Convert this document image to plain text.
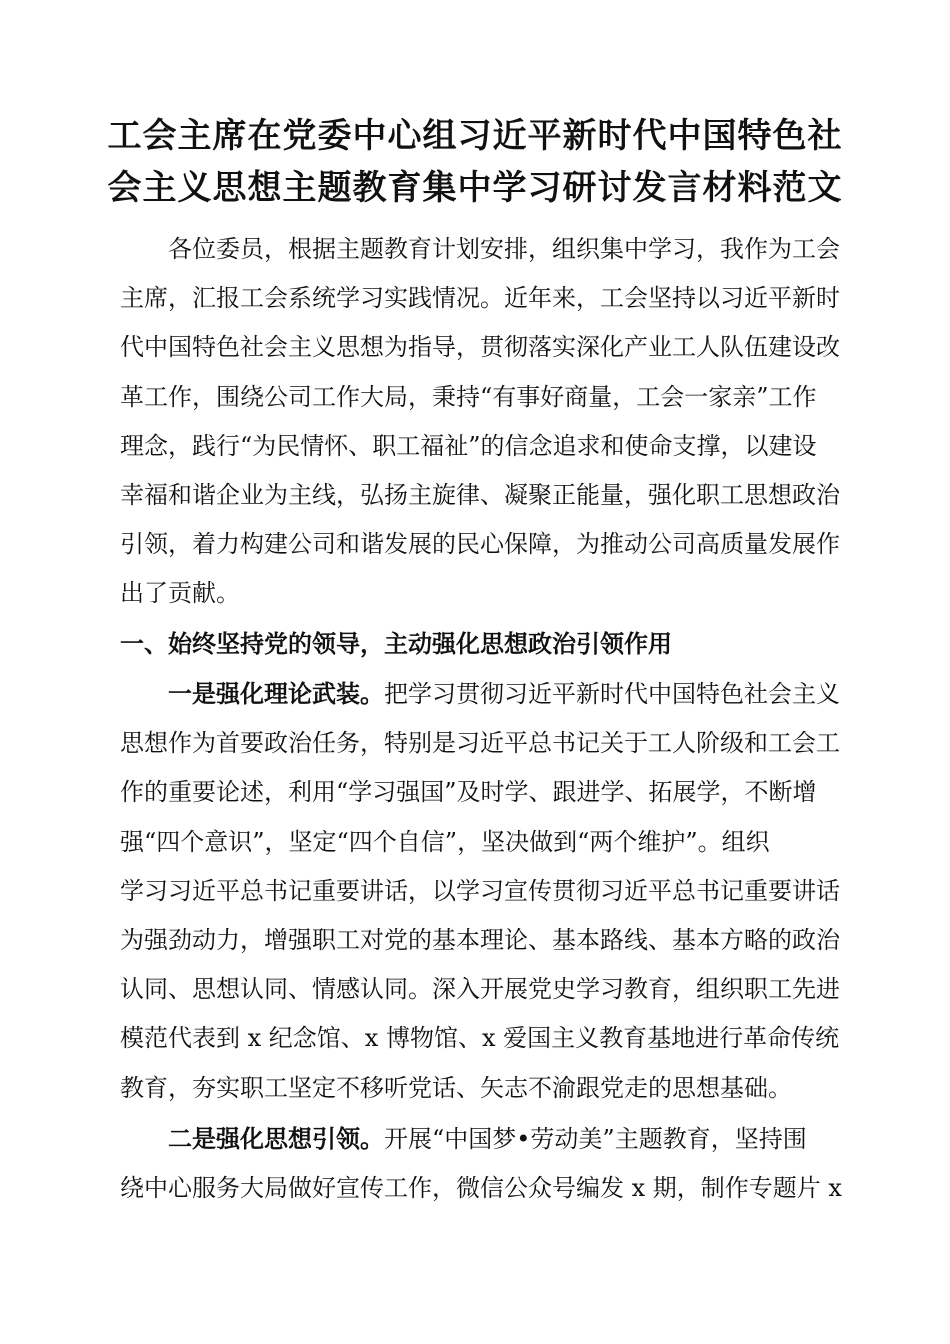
工会主席在党委中心组习近平新时代中国特色社
会主义思想主题教育集中学习研讨发言材料范文
各位委员，根据主题教育计划安排，组织集中学习，我作为工会
主席，汇报工会系统学习实践情况。近年来，工会坚持以习近平新时
代中国特色社会主义思想为指导，贯彻落实深化产业工人队伍建设改
革工作，围绕公司工作大局，秉持“有事好商量，工会一家亲”工作
理念，践行“为民情怀、职工福祉”的信念追求和使命支撑，以建设
幸福和谐企业为主线，弘扬主旋律、凝聚正能量，强化职工思想政治
引领，着力构建公司和谐发展的民心保障，为推动公司高质量发展作
出了贡献。
一、始终坚持党的领导，主动强化思想政治引领作用
一是强化理论武装。把学习贯彻习近平新时代中国特色社会主义
思想作为首要政治任务，特别是习近平总书记关于工人阶级和工会工
作的重要论述，利用“学习强国”及时学、跟进学、拓展学，不断增
强“四个意识”，坚定“四个自信”，坚决做到“两个维护”。组织
学习习近平总书记重要讲话，以学习宣传贯彻习近平总书记重要讲话
为强劲动力，增强职工对党的基本理论、基本路线、基本方略的政治
认同、思想认同、情感认同。深入开展党史学习教育，组织职工先进
模范代表到 x 纪念馆、x 博物馆、x 爱国主义教育基地进行革命传统
教育，夯实职工坚定不移听党话、矢志不渝跟党走的思想基础。
二是强化思想引领。开展“中国梦•劳动美”主题教育，坚持围
绕中心服务大局做好宣传工作，微信公众号编发 x 期，制作专题片 x
